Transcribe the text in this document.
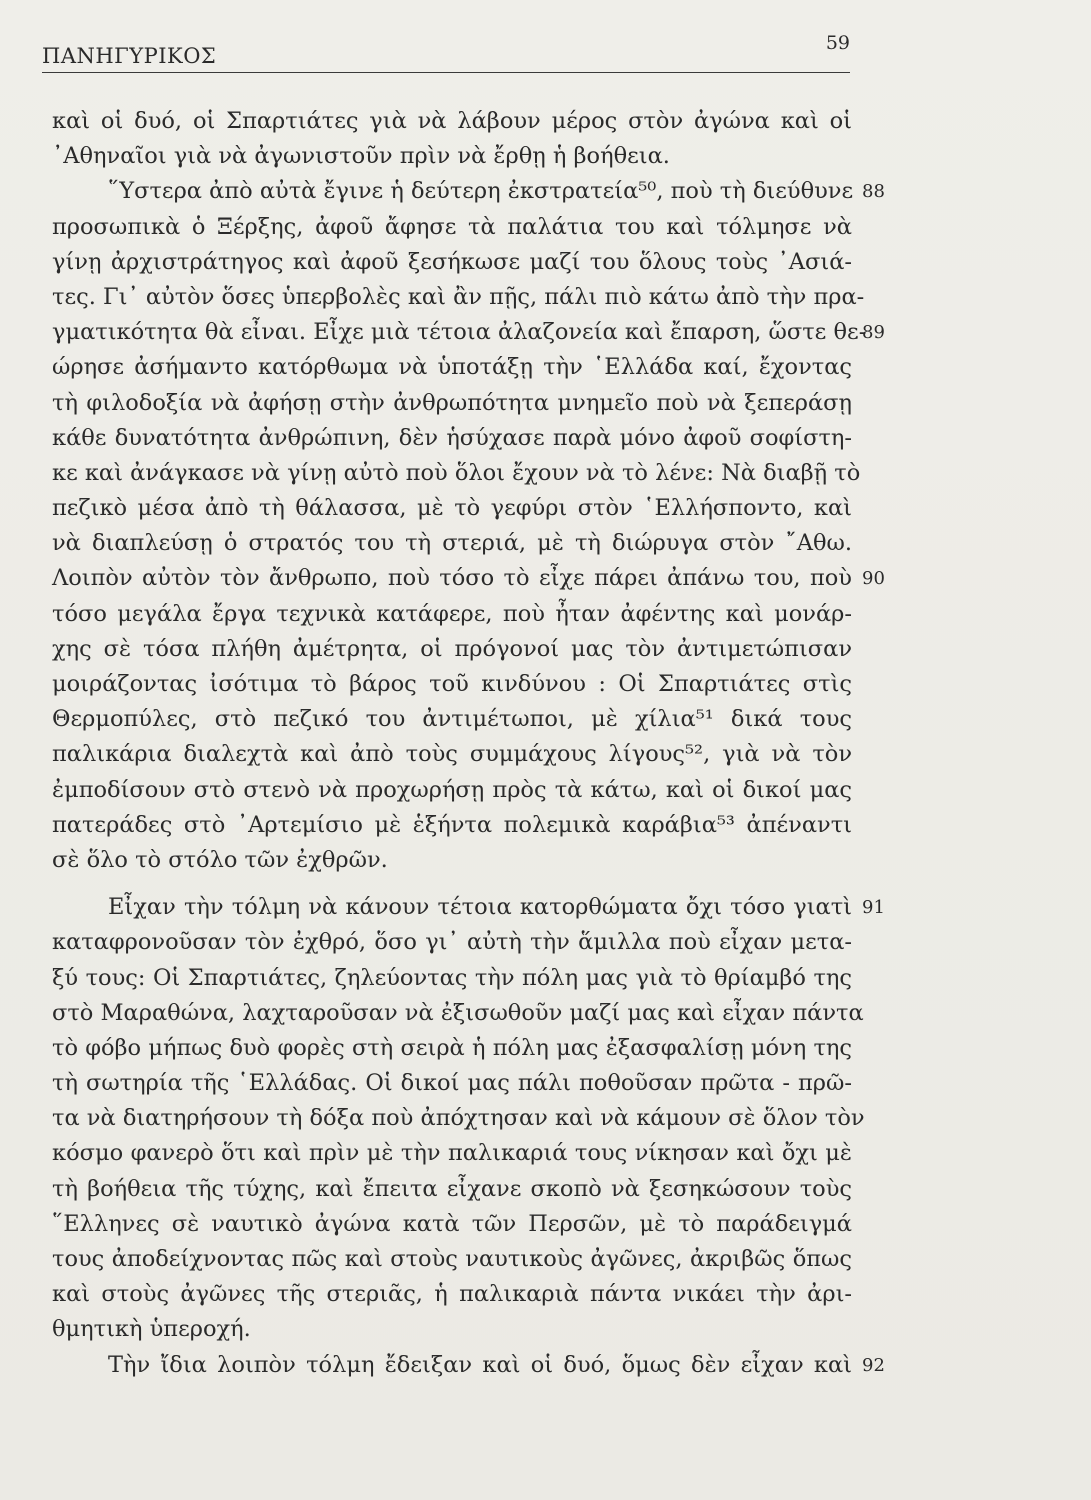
ΠΑΝΗΓΥΡΙΚΟΣ
59
καὶ οἱ δυό, οἱ Σπαρτιάτες γιὰ νὰ λάβουν μέρος στὸν ἀγώνα καὶ οἱ
᾿Αθηναῖοι γιὰ νὰ ἀγωνιστοῦν πρὶν νὰ ἔρθῃ ἡ βοήθεια.
῞Υστερα ἀπὸ αὐτὰ ἔγινε ἡ δεύτερη ἐκστρατεία⁵⁰, ποὺ τὴ διεύθυνε 88
προσωπικὰ ὁ Ξέρξης, ἀφοῦ ἄφησε τὰ παλάτια του καὶ τόλμησε νὰ
γίνῃ ἀρχιστράτηγος καὶ ἀφοῦ ξεσήκωσε μαζί του ὅλους τοὺς ᾿Ασιά-
τες. Γι᾿ αὐτὸν ὅσες ὑπερβολὲς καὶ ἂν πῇς, πάλι πιὸ κάτω ἀπὸ τὴν πρα-
γματικότητα θὰ εἶναι. Εἶχε μιὰ τέτοια ἀλαζονεία καὶ ἔπαρση, ὥστε θε-
89
ώρησε ἀσήμαντο κατόρθωμα νὰ ὑποτάξῃ τὴν ῾Ελλάδα καί, ἔχοντας
τὴ φιλοδοξία νὰ ἀφήσῃ στὴν ἀνθρωπότητα μνημεῖο ποὺ νὰ ξεπεράσῃ
κάθε δυνατότητα ἀνθρώπινη, δὲν ἡσύχασε παρὰ μόνο ἀφοῦ σοφίστη-
κε καὶ ἀνάγκασε νὰ γίνῃ αὐτὸ ποὺ ὅλοι ἔχουν νὰ τὸ λένε: Νὰ διαβῇ τὸ
πεζικὸ μέσα ἀπὸ τὴ θάλασσα, μὲ τὸ γεφύρι στὸν ῾Ελλήσποντο, καὶ
νὰ διαπλεύσῃ ὁ στρατός του τὴ στεριά, μὲ τὴ διώρυγα στὸν ῎Αθω.
Λοιπὸν αὐτὸν τὸν ἄνθρωπο, ποὺ τόσο τὸ εἶχε πάρει ἀπάνω του, ποὺ 90
τόσο μεγάλα ἔργα τεχνικὰ κατάφερε, ποὺ ἦταν ἀφέντης καὶ μονάρ-
χης σὲ τόσα πλήθη ἀμέτρητα, οἱ πρόγονοί μας τὸν ἀντιμετώπισαν
μοιράζοντας ἰσότιμα τὸ βάρος τοῦ κινδύνου : Οἱ Σπαρτιάτες στὶς
Θερμοπύλες, στὸ πεζικό του ἀντιμέτωποι, μὲ χίλια⁵¹ δικά τους
παλικάρια διαλεχτὰ καὶ ἀπὸ τοὺς συμμάχους λίγους⁵², γιὰ νὰ τὸν
ἐμποδίσουν στὸ στενὸ νὰ προχωρήσῃ πρὸς τὰ κάτω, καὶ οἱ δικοί μας
πατεράδες στὸ ᾿Αρτεμίσιο μὲ ἑξήντα πολεμικὰ καράβια⁵³ ἀπέναντι
σὲ ὅλο τὸ στόλο τῶν ἐχθρῶν.
Εἶχαν τὴν τόλμη νὰ κάνουν τέτοια κατορθώματα ὄχι τόσο γιατὶ 91
καταφρονοῦσαν τὸν ἐχθρό, ὅσο γι᾿ αὐτὴ τὴν ἅμιλλα ποὺ εἶχαν μετα-
ξύ τους: Οἱ Σπαρτιάτες, ζηλεύοντας τὴν πόλη μας γιὰ τὸ θρίαμβό της
στὸ Μαραθώνα, λαχταροῦσαν νὰ ἐξισωθοῦν μαζί μας καὶ εἶχαν πάντα
τὸ φόβο μήπως δυὸ φορὲς στὴ σειρὰ ἡ πόλη μας ἐξασφαλίσῃ μόνη της
τὴ σωτηρία τῆς ῾Ελλάδας. Οἱ δικοί μας πάλι ποθοῦσαν πρῶτα - πρῶ-
τα νὰ διατηρήσουν τὴ δόξα ποὺ ἀπόχτησαν καὶ νὰ κάμουν σὲ ὅλον τὸν
κόσμο φανερὸ ὅτι καὶ πρὶν μὲ τὴν παλικαριά τους νίκησαν καὶ ὄχι μὲ
τὴ βοήθεια τῆς τύχης, καὶ ἔπειτα εἶχανε σκοπὸ νὰ ξεσηκώσουν τοὺς
῞Ελληνες σὲ ναυτικὸ ἀγώνα κατὰ τῶν Περσῶν, μὲ τὸ παράδειγμά
τους ἀποδείχνοντας πῶς καὶ στοὺς ναυτικοὺς ἀγῶνες, ἀκριβῶς ὅπως
καὶ στοὺς ἀγῶνες τῆς στεριᾶς, ἡ παλικαριὰ πάντα νικάει τὴν ἀρι-
θμητικὴ ὑπεροχή.
Τὴν ἴδια λοιπὸν τόλμη ἔδειξαν καὶ οἱ δυό, ὅμως δὲν εἶχαν καὶ 92
